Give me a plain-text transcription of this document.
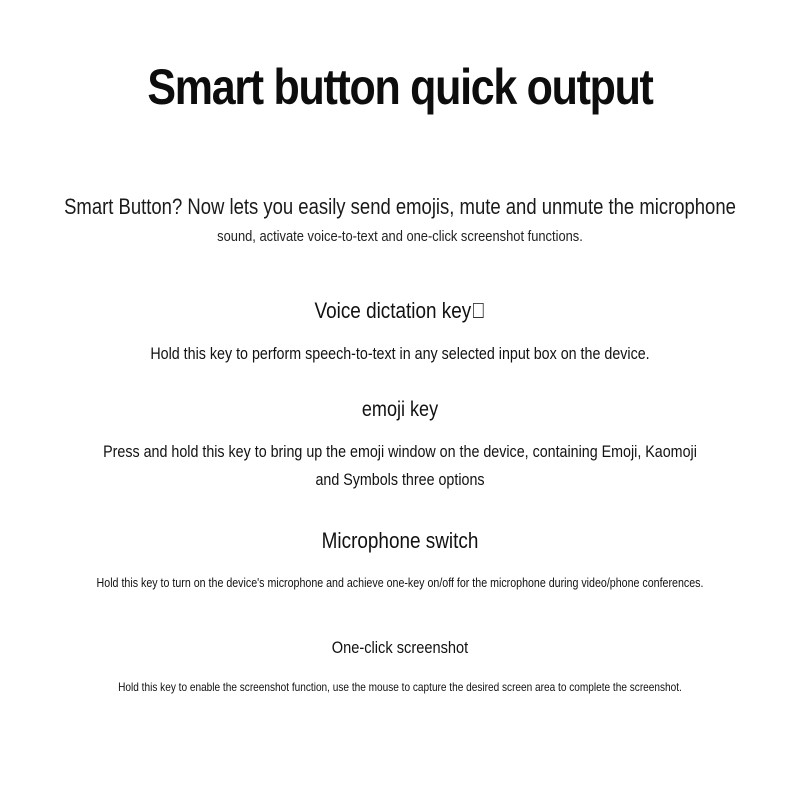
Smart button quick output
Smart Button? Now lets you easily send emojis, mute and unmute the microphone
sound, activate voice-to-text and one-click screenshot functions.
Voice dictation key 
Hold this key to perform speech-to-text in any selected input box on the device.
emoji key
Press and hold this key to bring up the emoji window on the device, containing Emoji, Kaomoji
and Symbols three options
Microphone switch
Hold this key to turn on the device's microphone and achieve one-key on/off for the microphone during video/phone conferences.
One-click screenshot
Hold this key to enable the screenshot function, use the mouse to capture the desired screen area to complete the screenshot.
